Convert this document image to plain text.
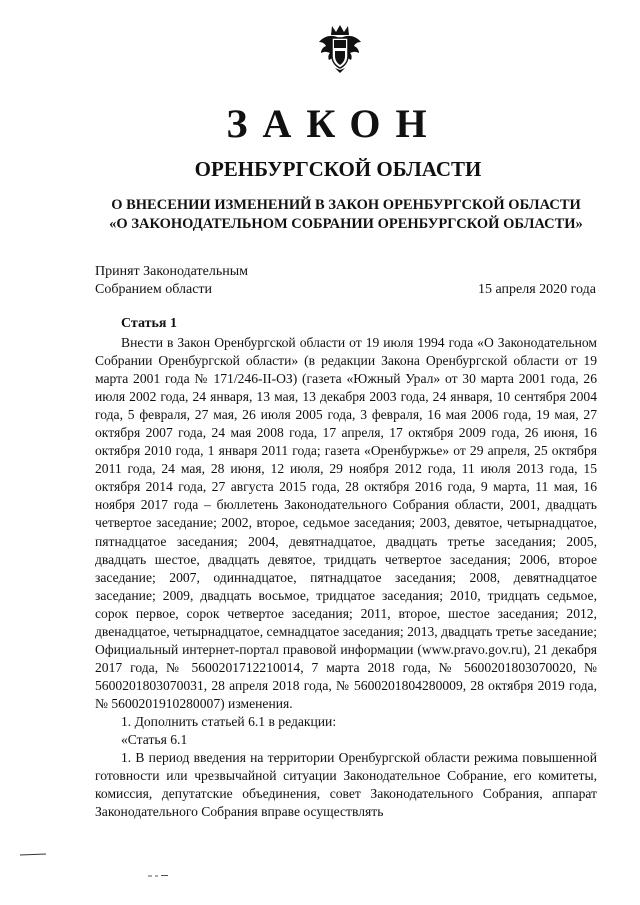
ЗАКОН
ОРЕНБУРГСКОЙ ОБЛАСТИ
О ВНЕСЕНИИ ИЗМЕНЕНИЙ В ЗАКОН ОРЕНБУРГСКОЙ ОБЛАСТИ
«О ЗАКОНОДАТЕЛЬНОМ СОБРАНИИ ОРЕНБУРГСКОЙ ОБЛАСТИ»
Принят Законодательным
Собранием области	15 апреля 2020 года
Статья 1

Внести в Закон Оренбургской области от 19 июля 1994 года «О Законодательном Собрании Оренбургской области» (в редакции Закона Оренбургской области от 19 марта 2001 года № 171/246-II-ОЗ) (газета «Южный Урал» от 30 марта 2001 года, 26 июля 2002 года, 24 января, 13 мая, 13 декабря 2003 года, 24 января, 10 сентября 2004 года, 5 февраля, 27 мая, 26 июля 2005 года, 3 февраля, 16 мая 2006 года, 19 мая, 27 октября 2007 года, 24 мая 2008 года, 17 апреля, 17 октября 2009 года, 26 июня, 16 октября 2010 года, 1 января 2011 года; газета «Оренбуржье» от 29 апреля, 25 октября 2011 года, 24 мая, 28 июня, 12 июля, 29 ноября 2012 года, 11 июля 2013 года, 15 октября 2014 года, 27 августа 2015 года, 28 октября 2016 года, 9 марта, 11 мая, 16 ноября 2017 года – бюллетень Законодательного Собрания области, 2001, двадцать четвертое заседание; 2002, второе, седьмое заседания; 2003, девятое, четырнадцатое, пятнадцатое заседания; 2004, девятнадцатое, двадцать третье заседания; 2005, двадцать шестое, двадцать девятое, тридцать четвертое заседания; 2006, второе заседание; 2007, одиннадцатое, пятнадцатое заседания; 2008, девятнадцатое заседание; 2009, двадцать восьмое, тридцатое заседания; 2010, тридцать седьмое, сорок первое, сорок четвертое заседания; 2011, второе, шестое заседания; 2012, двенадцатое, четырнадцатое, семнадцатое заседания; 2013, двадцать третье заседание; Официальный интернет-портал правовой информации (www.pravo.gov.ru), 21 декабря 2017 года, № 5600201712210014, 7 марта 2018 года, № 5600201803070020, № 5600201803070031, 28 апреля 2018 года, № 5600201804280009, 28 октября 2019 года, № 5600201910280007) изменения.

1. Дополнить статьей 6.1 в редакции:

«Статья 6.1

1. В период введения на территории Оренбургской области режима повышенной готовности или чрезвычайной ситуации Законодательное Собрание, его комитеты, комиссия, депутатские объединения, совет Законодательного Собрания, аппарат Законодательного Собрания вправе осуществлять
